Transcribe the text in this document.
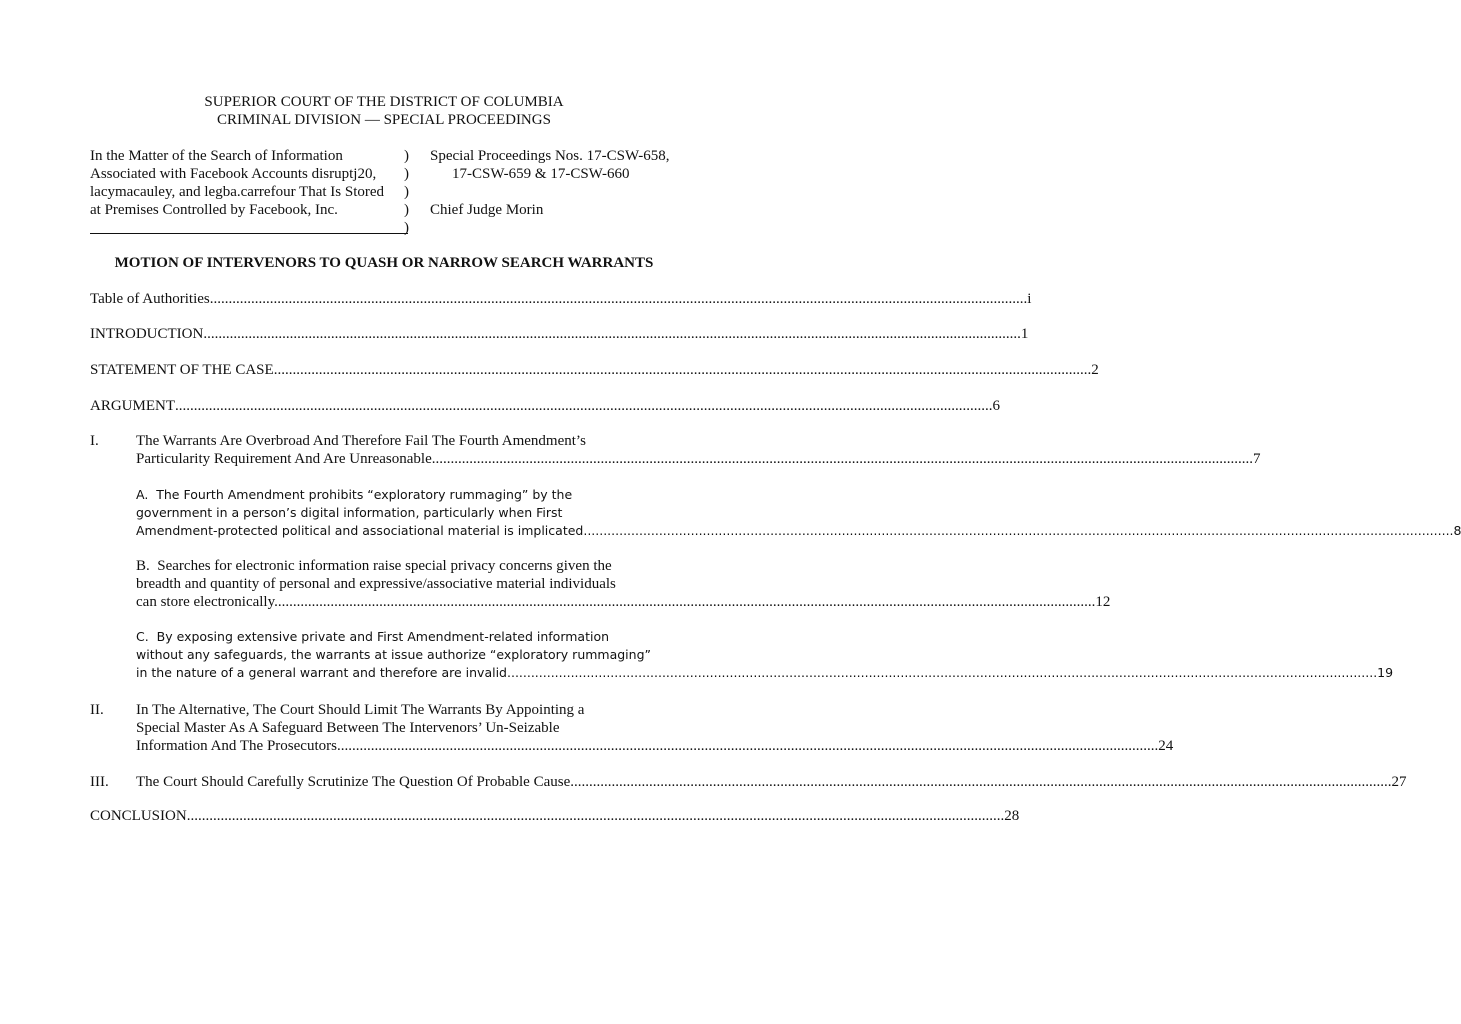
SUPERIOR COURT OF THE DISTRICT OF COLUMBIA
CRIMINAL DIVISION — SPECIAL PROCEEDINGS
In the Matter of the Search of Information
Associated with Facebook Accounts disruptj20,
lacymacauley, and legba.carrefour That Is Stored
at Premises Controlled by Facebook, Inc.
)
)
)
)
)
Special Proceedings Nos. 17-CSW-658,
17-CSW-659 & 17-CSW-660
Chief Judge Morin
MOTION OF INTERVENORS TO QUASH OR NARROW SEARCH WARRANTS
Table of Authorities .......................................................................................................................................................................................................................... i
INTRODUCTION .......................................................................................................................................................................................................................... 1
STATEMENT OF THE CASE .......................................................................................................................................................................................................................... 2
ARGUMENT .......................................................................................................................................................................................................................... 6
I. The Warrants Are Overbroad And Therefore Fail The Fourth Amendment’s
Particularity Requirement And Are Unreasonable. .......................................................................................................................................................................................................................... 7
A.  The Fourth Amendment prohibits “exploratory rummaging” by the
government in a person’s digital information, particularly when First
Amendment-protected political and associational material is implicated. .......................................................................................................................................................................................................................... 8
B.  Searches for electronic information raise special privacy concerns given the
breadth and quantity of personal and expressive/associative material individuals
can store electronically. .......................................................................................................................................................................................................................... 12
C.  By exposing extensive private and First Amendment-related information
without any safeguards, the warrants at issue authorize “exploratory rummaging”
in the nature of a general warrant and therefore are invalid. .......................................................................................................................................................................................................................... 19
II. In The Alternative, The Court Should Limit The Warrants By Appointing a
Special Master As A Safeguard Between The Intervenors’ Un-Seizable
Information And The Prosecutors. .......................................................................................................................................................................................................................... 24
III. The Court Should Carefully Scrutinize The Question Of Probable Cause. .......................................................................................................................................................................................................................... 27
CONCLUSION .......................................................................................................................................................................................................................... 28
